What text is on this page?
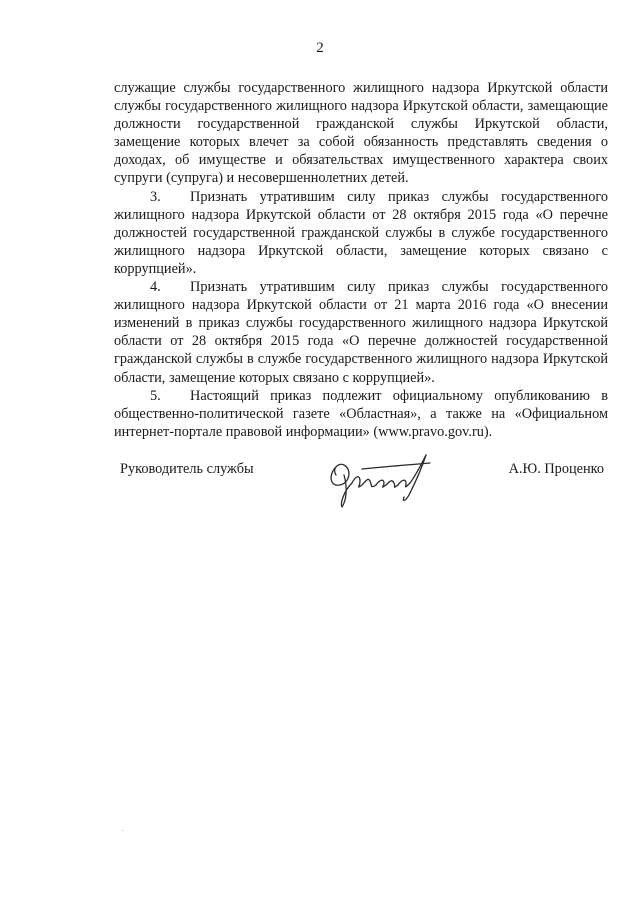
2

служащие службы государственного жилищного надзора Иркутской области службы государственного жилищного надзора Иркутской области, замещающие должности государственной гражданской службы Иркутской области, замещение которых влечет за собой обязанность представлять сведения о доходах, об имуществе и обязательствах имущественного характера своих супруги (супруга) и несовершеннолетних детей.

3. Признать утратившим силу приказ службы государственного жилищного надзора Иркутской области от 28 октября 2015 года «О перечне должностей государственной гражданской службы в службе государственного жилищного надзора Иркутской области, замещение которых связано с коррупцией».

4. Признать утратившим силу приказ службы государственного жилищного надзора Иркутской области от 21 марта 2016 года «О внесении изменений в приказ службы государственного жилищного надзора Иркутской области от 28 октября 2015 года «О перечне должностей государственной гражданской службы в службе государственного жилищного надзора Иркутской области, замещение которых связано с коррупцией».

5. Настоящий приказ подлежит официальному опубликованию в общественно-политической газете «Областная», а также на «Официальном интернет-портале правовой информации» (www.pravo.gov.ru).

Руководитель службы	А.Ю. Проценко
